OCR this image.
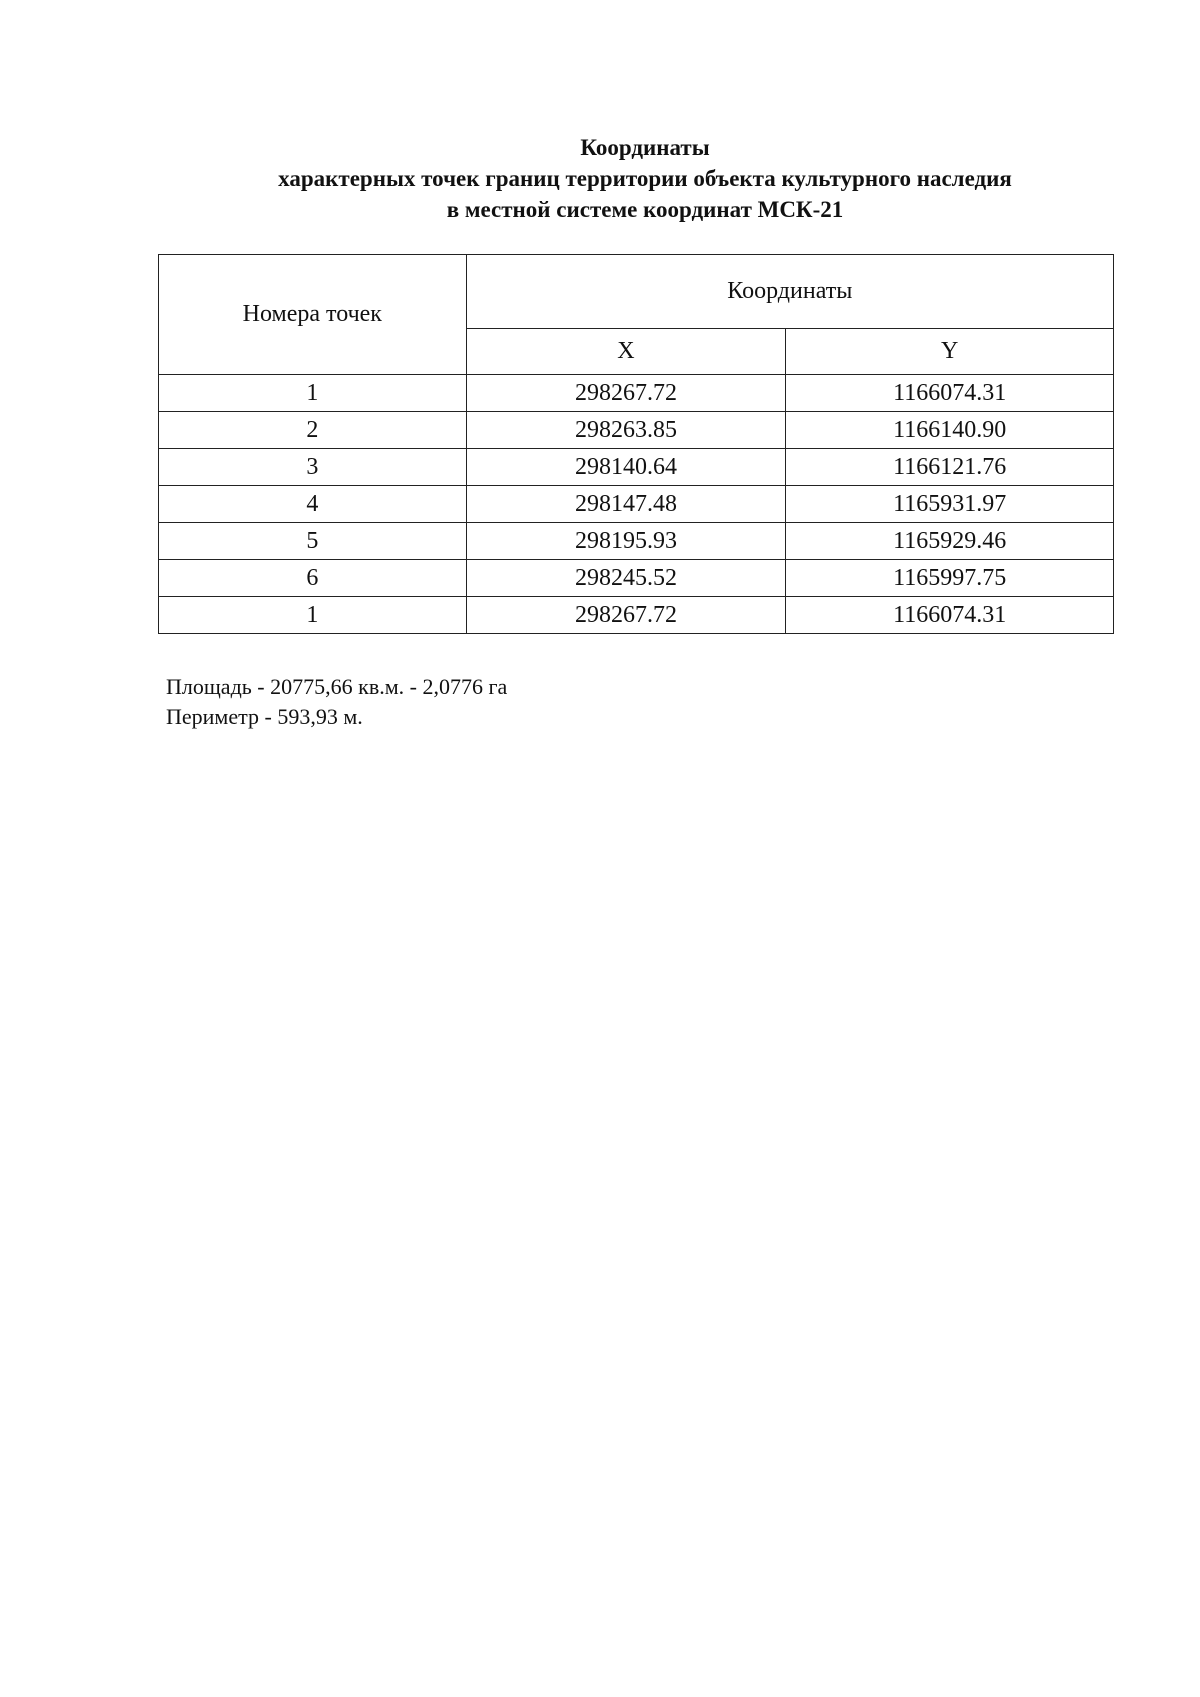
Координаты
характерных точек границ территории объекта культурного наследия
в местной системе координат МСК-21
Номера точек	Координаты	
	X	Y
1	298267.72	1166074.31
2	298263.85	1166140.90
3	298140.64	1166121.76
4	298147.48	1165931.97
5	298195.93	1165929.46
6	298245.52	1165997.75
1	298267.72	1166074.31
Площадь - 20775,66 кв.м. - 2,0776 га
Периметр - 593,93 м.
